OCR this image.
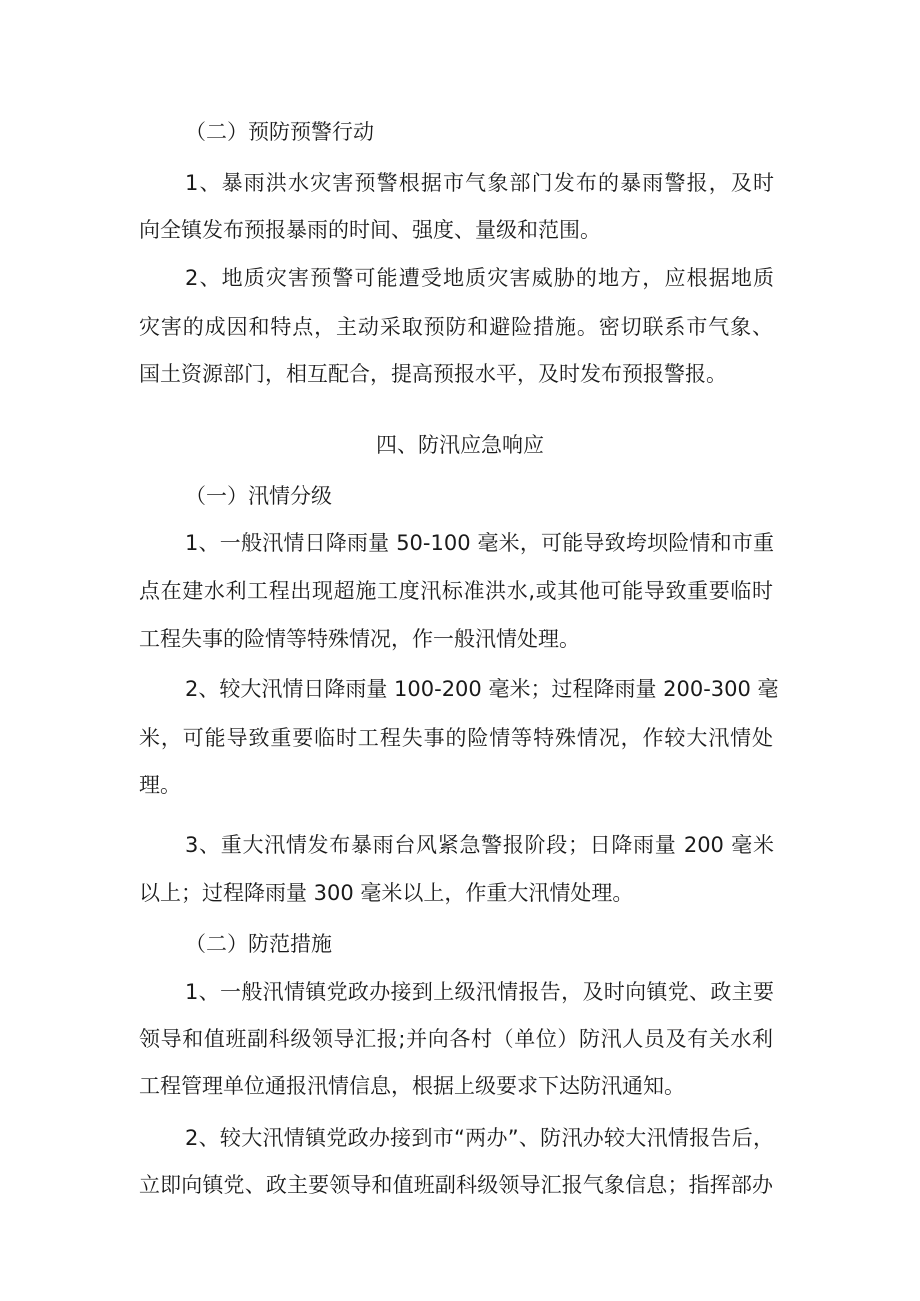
（二）预防预警行动
1、暴雨洪水灾害预警根据市气象部门发布的暴雨警报，及时
向全镇发布预报暴雨的时间、强度、量级和范围。
2、地质灾害预警可能遭受地质灾害威胁的地方，应根据地质
灾害的成因和特点，主动采取预防和避险措施。密切联系市气象、
国土资源部门，相互配合，提高预报水平，及时发布预报警报。
四、防汛应急响应
（一）汛情分级
1、一般汛情日降雨量 50-100 毫米，可能导致垮坝险情和市重
点在建水利工程出现超施工度汛标准洪水,或其他可能导致重要临时
工程失事的险情等特殊情况，作一般汛情处理。
2、较大汛情日降雨量 100-200 毫米；过程降雨量 200-300 毫
米，可能导致重要临时工程失事的险情等特殊情况，作较大汛情处
理。
3、重大汛情发布暴雨台风紧急警报阶段；日降雨量 200 毫米
以上；过程降雨量 300 毫米以上，作重大汛情处理。
（二）防范措施
1、一般汛情镇党政办接到上级汛情报告，及时向镇党、政主要
领导和值班副科级领导汇报;并向各村（单位）防汛人员及有关水利
工程管理单位通报汛情信息，根据上级要求下达防汛通知。
2、较大汛情镇党政办接到市“两办”、防汛办较大汛情报告后，
立即向镇党、政主要领导和值班副科级领导汇报气象信息；指挥部办
